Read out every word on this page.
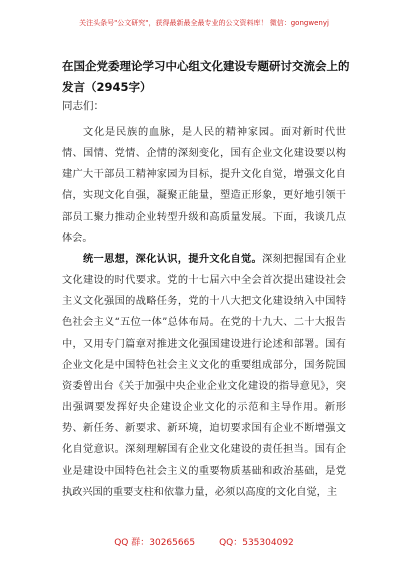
关注头条号"公文研究"，获得最新最全最专业的公文资料库！ 微信：gongwenyj
在国企党委理论学习中心组文化建设专题研讨交流会上的发言（2945字）

同志们：

文化是民族的血脉，是人民的精神家园。面对新时代世情、国情、党情、企情的深刻变化，国有企业文化建设要以构建广大干部员工精神家园为目标，提升文化自觉，增强文化自信，实现文化自强，凝聚正能量，塑造正形象，更好地引领干部员工聚力推动企业转型升级和高质量发展。下面，我谈几点体会。

统一思想，深化认识，提升文化自觉。深刻把握国有企业文化建设的时代要求。党的十七届六中全会首次提出建设社会主义文化强国的战略任务，党的十八大把文化建设纳入中国特色社会主义“五位一体”总体布局。在党的十九大、二十大报告中，又用专门篇章对推进文化强国建设进行论述和部署。国有企业文化是中国特色社会主义文化的重要组成部分，国务院国资委曾出台《关于加强中央企业企业文化建设的指导意见》，突出强调要发挥好央企建设企业文化的示范和主导作用。新形势、新任务、新要求、新环境，迫切要求国有企业不断增强文化自觉意识。深刻理解国有企业文化建设的责任担当。国有企业是建设中国特色社会主义的重要物质基础和政治基础，是党执政兴国的重要支柱和依靠力量，必须以高度的文化自觉，主

QQ 群：30265665	QQ：535304092
